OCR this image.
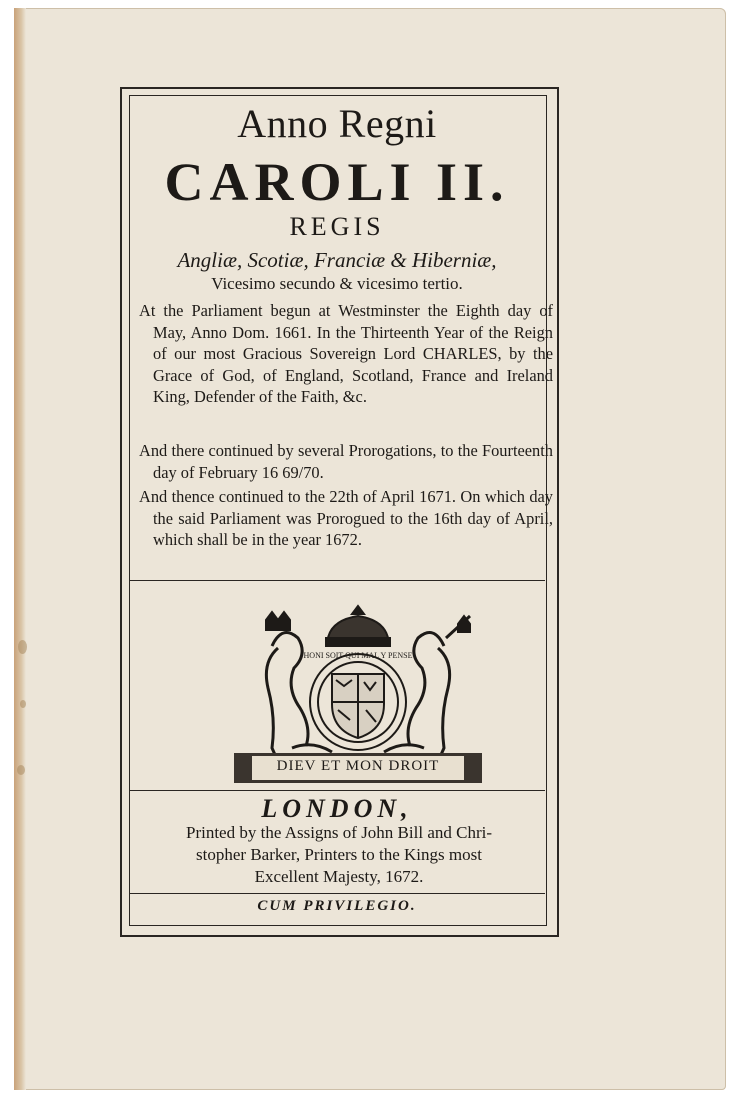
Anno Regni
CAROLI II.
REGIS
Angliæ, Scotiæ, Franciæ & Hiberniæ,
Vicesimo secundo & vicesimo tertio.
At the Parliament begun at Westminster the Eighth day of May, Anno Dom. 1661. In the Thirteenth Year of the Reign of our most Gracious Sovereign Lord CHARLES, by the Grace of God, of England, Scotland, France and Ireland King, Defender of the Faith, &c.
And there continued by several Prorogations, to the Fourteenth day of February 16 69/70.
And thence continued to the 22th of April 1671. On which day the said Parliament was Prorogued to the 16th day of April, which shall be in the year 1672.
HONI SOIT QUI MAL Y PENSE
DIEV ET MON DROIT
LONDON,
Printed by the Assigns of John Bill and Chri-
stopher Barker, Printers to the Kings most
Excellent Majesty, 1672.
CUM PRIVILEGIO.
